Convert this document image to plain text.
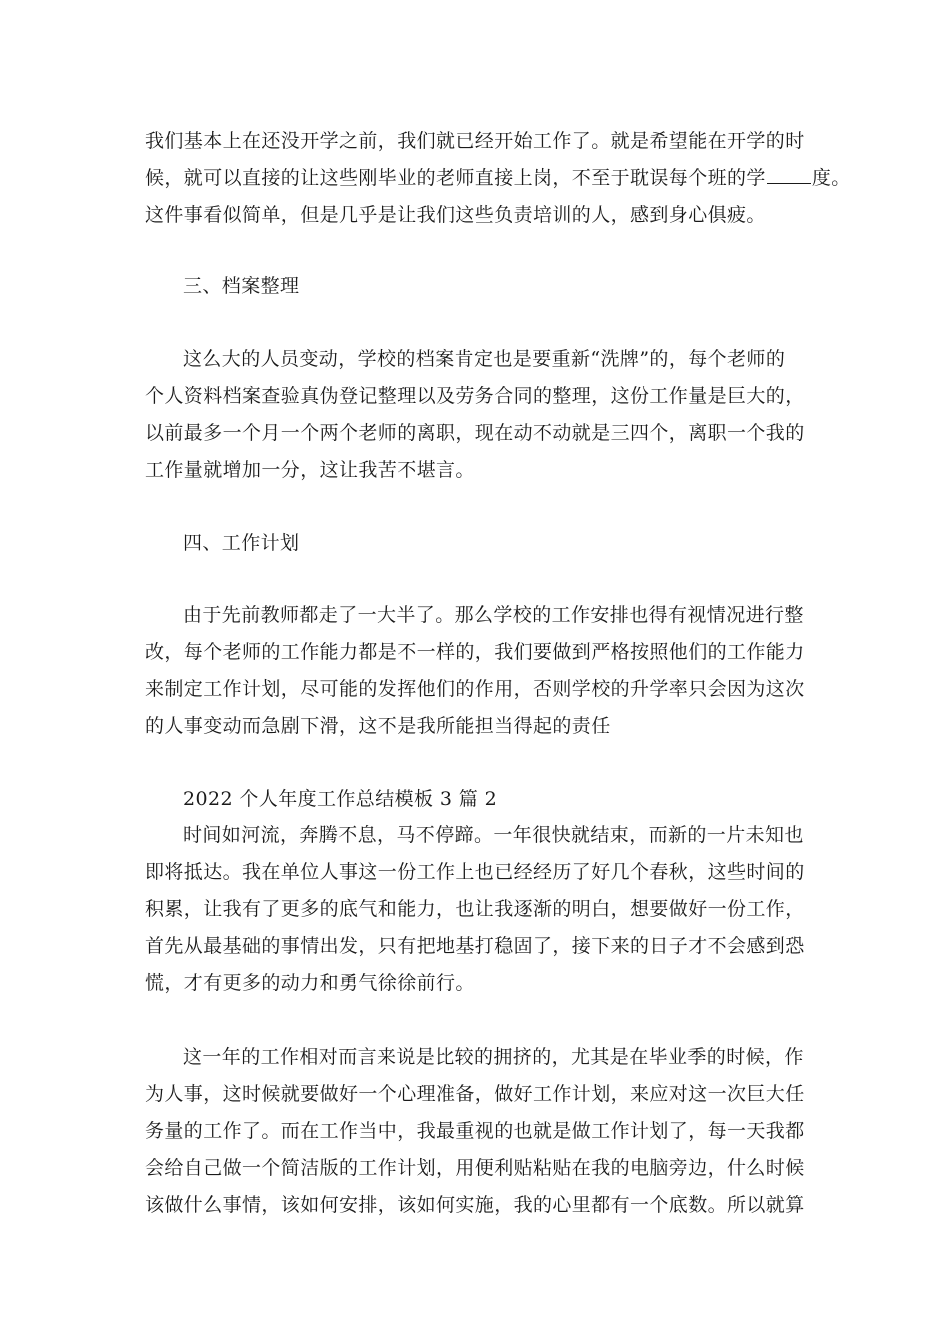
我们基本上在还没开学之前，我们就已经开始工作了。就是希望能在开学的时
候，就可以直接的让这些刚毕业的老师直接上岗，不至于耽误每个班的学 度。
这件事看似简单，但是几乎是让我们这些负责培训的人，感到身心俱疲。
三、档案整理
这么大的人员变动，学校的档案肯定也是要重新“洗牌”的，每个老师的
个人资料档案查验真伪登记整理以及劳务合同的整理，这份工作量是巨大的，
以前最多一个月一个两个老师的离职，现在动不动就是三四个，离职一个我的
工作量就增加一分，这让我苦不堪言。
四、工作计划
由于先前教师都走了一大半了。那么学校的工作安排也得有视情况进行整
改，每个老师的工作能力都是不一样的，我们要做到严格按照他们的工作能力
来制定工作计划，尽可能的发挥他们的作用，否则学校的升学率只会因为这次
的人事变动而急剧下滑，这不是我所能担当得起的责任
2022 个人年度工作总结模板 3 篇 2
时间如河流，奔腾不息，马不停蹄。一年很快就结束，而新的一片未知也
即将抵达。我在单位人事这一份工作上也已经经历了好几个春秋，这些时间的
积累，让我有了更多的底气和能力，也让我逐渐的明白，想要做好一份工作，
首先从最基础的事情出发，只有把地基打稳固了，接下来的日子才不会感到恐
慌，才有更多的动力和勇气徐徐前行。
这一年的工作相对而言来说是比较的拥挤的，尤其是在毕业季的时候，作
为人事，这时候就要做好一个心理准备，做好工作计划，来应对这一次巨大任
务量的工作了。而在工作当中，我最重视的也就是做工作计划了，每一天我都
会给自己做一个简洁版的工作计划，用便利贴粘贴在我的电脑旁边，什么时候
该做什么事情，该如何安排，该如何实施，我的心里都有一个底数。所以就算
